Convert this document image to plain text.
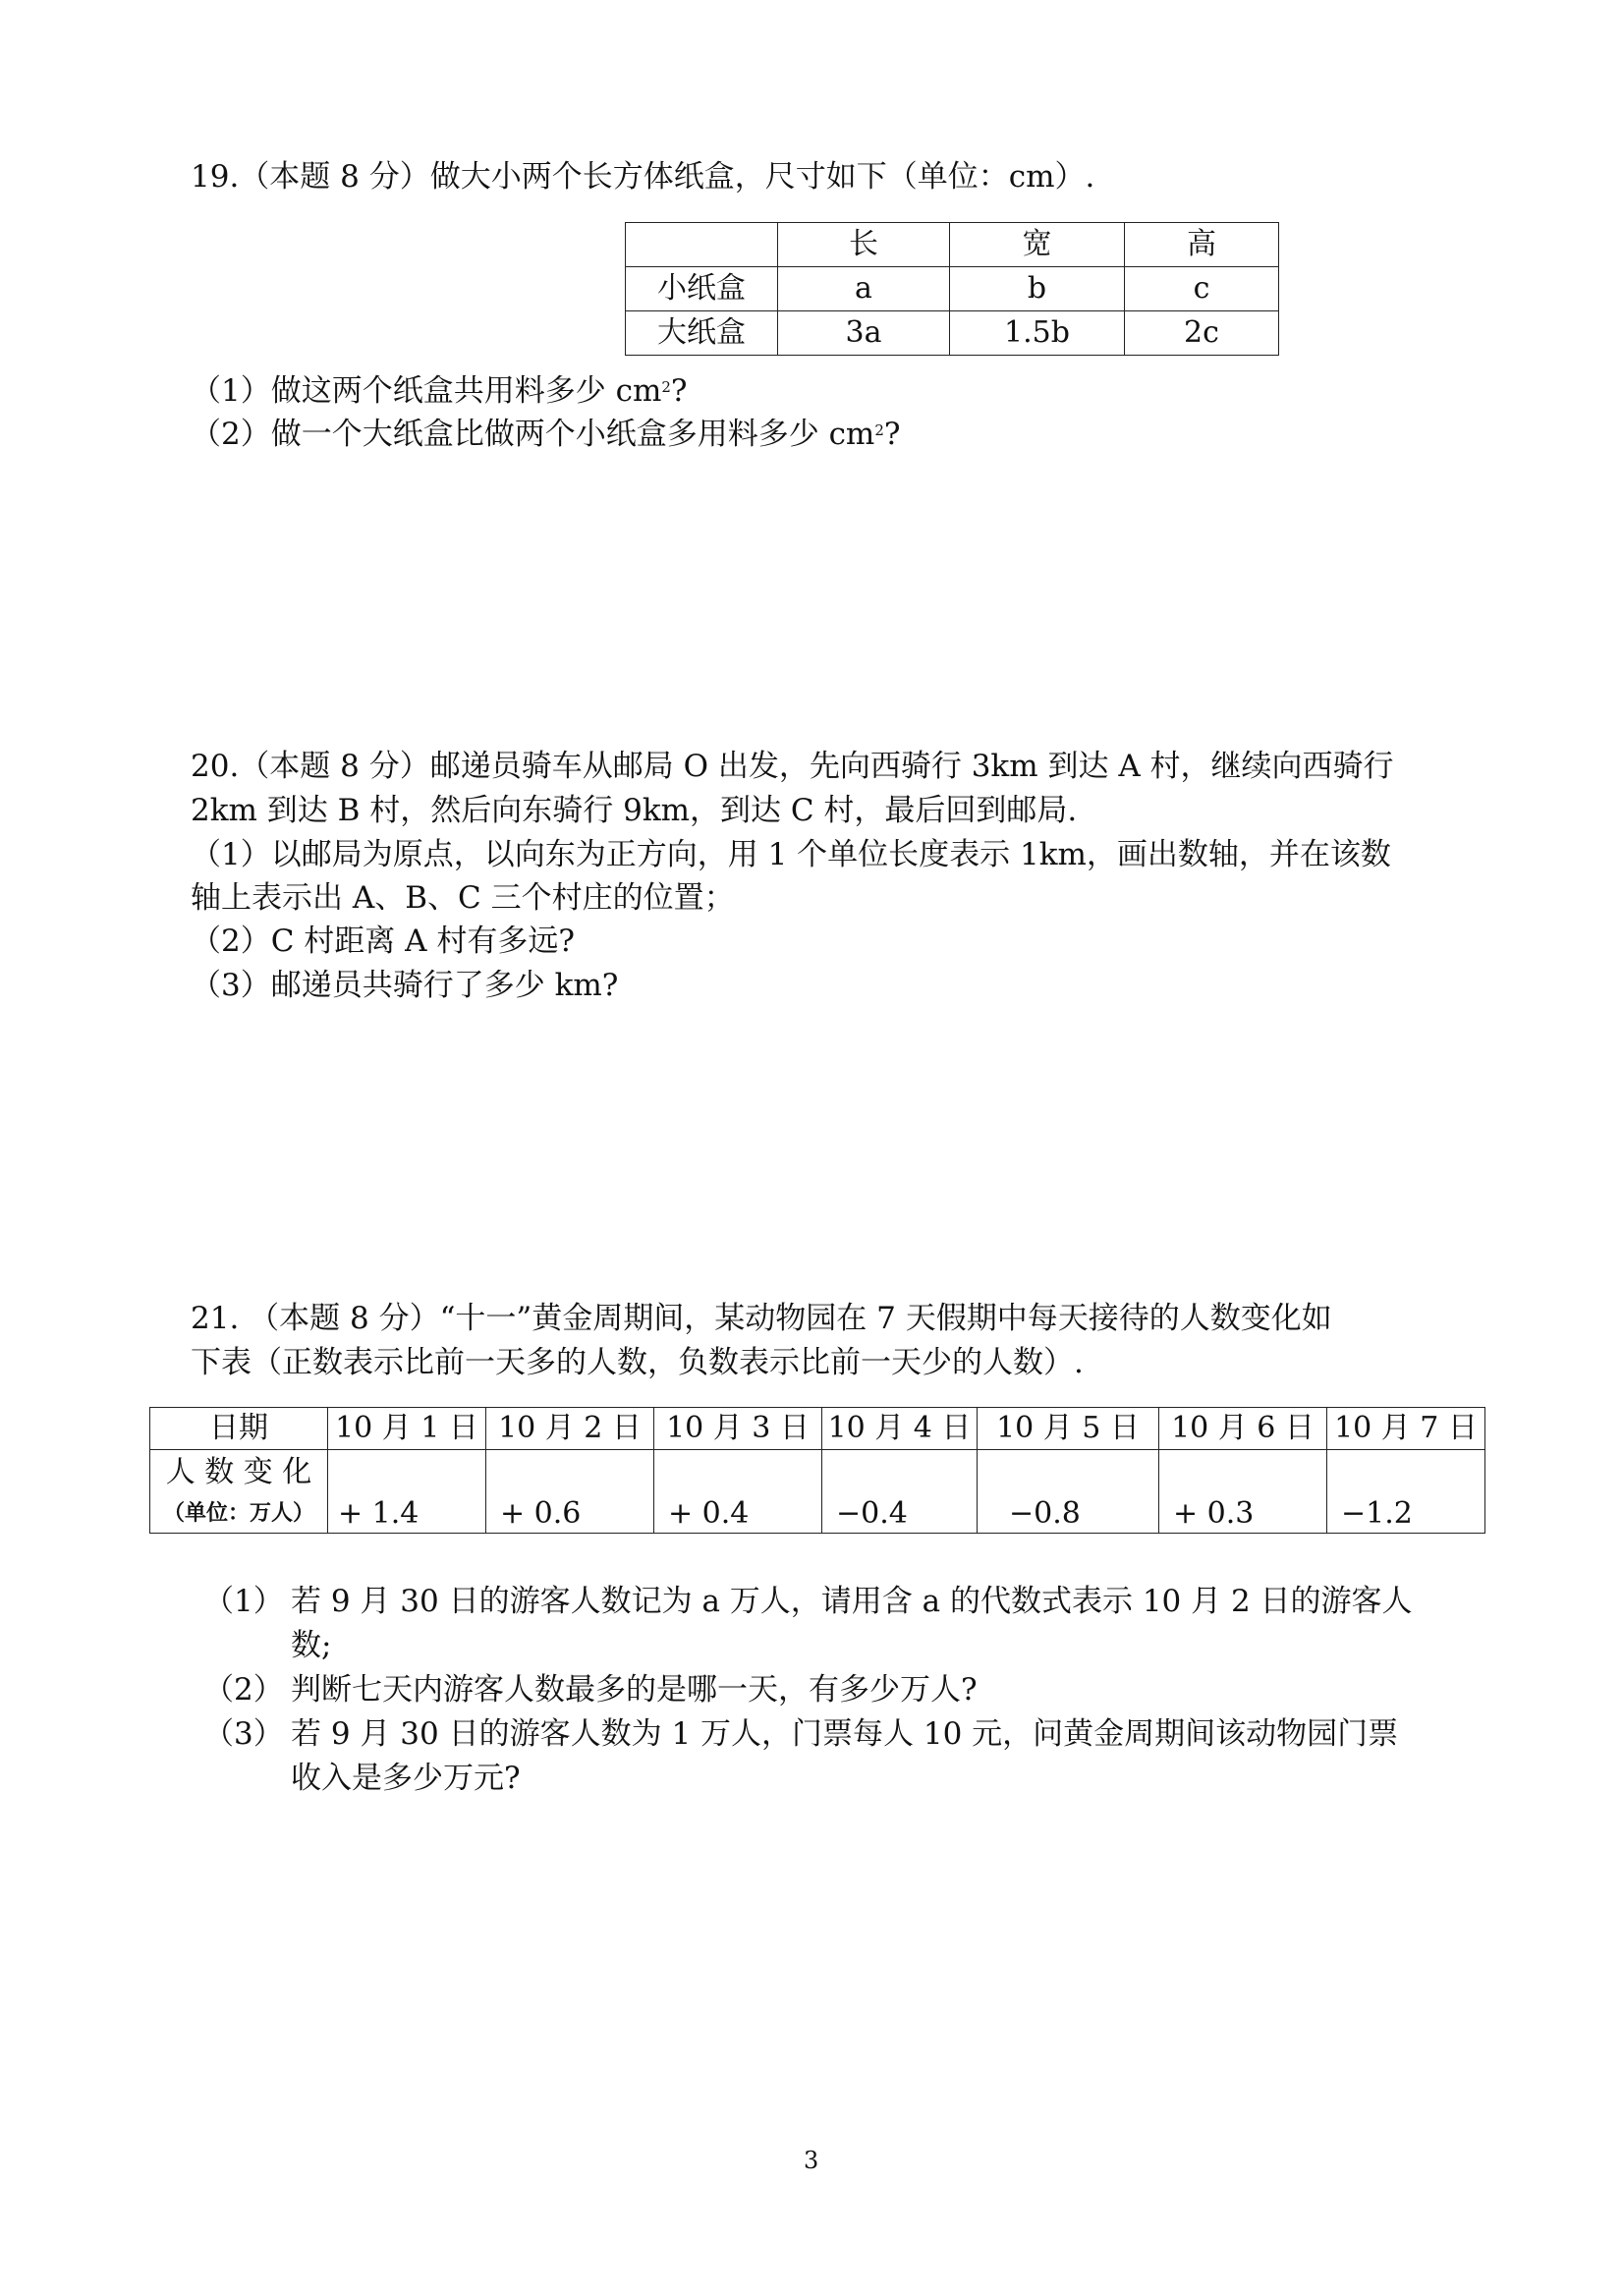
19.（本题 8 分）做大小两个长方体纸盒，尺寸如下（单位：cm）.
	长	宽	高
小纸盒	a	b	c
大纸盒	3a	1.5b	2c
（1）做这两个纸盒共用料多少 $cm^2$?
（2）做一个大纸盒比做两个小纸盒多用料多少 $cm^2$?
20.（本题 8 分）邮递员骑车从邮局 O 出发，先向西骑行 3km 到达 A 村，继续向西骑行
2km 到达 B 村，然后向东骑行 9km，到达 C 村，最后回到邮局.
（1）以邮局为原点，以向东为正方向，用 1 个单位长度表示 1km，画出数轴，并在该数
轴上表示出 A、B、C 三个村庄的位置；
（2）C 村距离 A 村有多远?
（3）邮递员共骑行了多少 km?
21. （本题 8 分）“十一”黄金周期间，某动物园在 7 天假期中每天接待的人数变化如
下表（正数表示比前一天多的人数，负数表示比前一天少的人数）.
日期	10 月 1 日	10 月 2 日	10 月 3 日	10 月 4 日	10 月 5 日	10 月 6 日	10 月 7 日

人 数 变 化
（单位：万人）	+ 1.4	+ 0.6	+ 0.4	−0.4	−0.8	+ 0.3	−1.2
（1） 若 9 月 30 日的游客人数记为 a 万人，请用含 a 的代数式表示 10 月 2 日的游客人
数;
（2） 判断七天内游客人数最多的是哪一天，有多少万人?
（3） 若 9 月 30 日的游客人数为 1 万人，门票每人 10 元，问黄金周期间该动物园门票
收入是多少万元?
3
